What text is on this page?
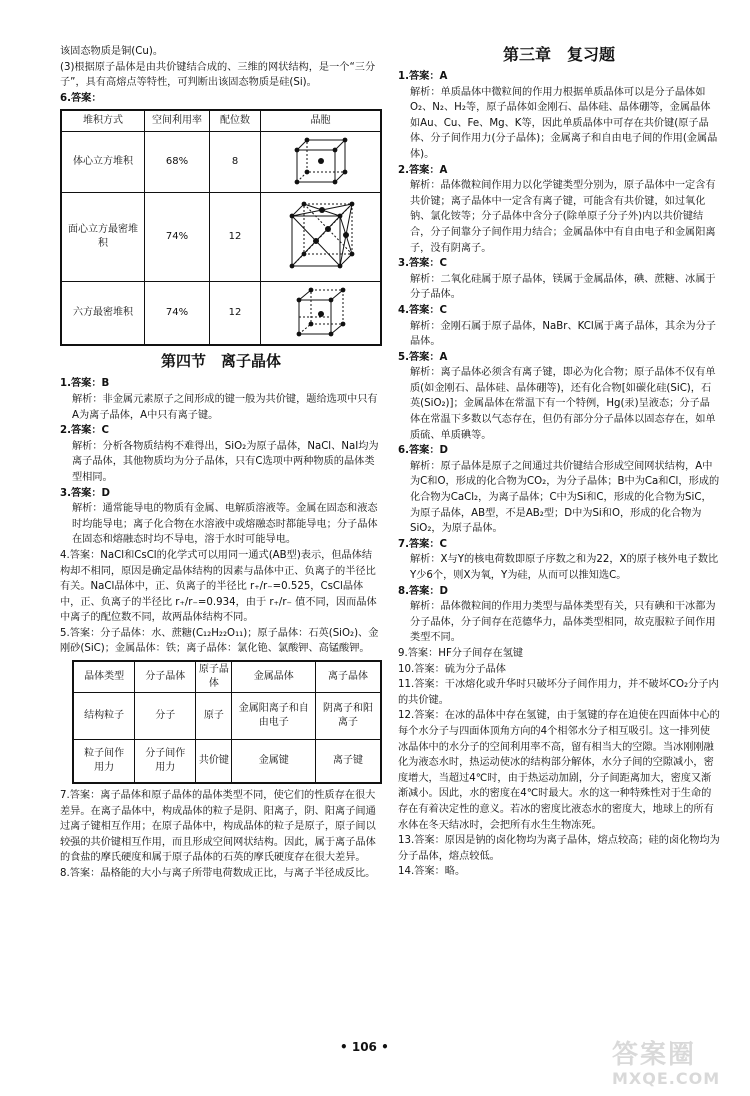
该固态物质是铜(Cu)。

(3)根据原子晶体是由共价键结合成的、三维的网状结构，是一个“三分子”，具有高熔点等特性，可判断出该固态物质是硅(Si)。

6.答案：

堆积方式	空间利用率	配位数	晶胞
体心立方堆积	68%	8	
面心立方最密堆积	74%	12	
六方最密堆积	74%	12	
第四节　离子晶体

1.答案：B

解析：非金属元素原子之间形成的键一般为共价键，题给选项中只有A为离子晶体，A中只有离子键。

2.答案：C

解析：分析各物质结构不难得出，SiO₂为原子晶体，NaCl、NaI均为离子晶体，其他物质均为分子晶体，只有C选项中两种物质的晶体类型相同。

3.答案：D

解析：通常能导电的物质有金属、电解质溶液等。金属在固态和液态时均能导电；离子化合物在水溶液中或熔融态时都能导电；分子晶体在固态和熔融态时均不导电，溶于水时可能导电。

4.答案：NaCl和CsCl的化学式可以用同一通式(AB型)表示，但晶体结构却不相同，原因是确定晶体结构的因素与晶体中正、负离子的半径比有关。NaCl晶体中，正、负离子的半径比 r₊/r₋=0.525，CsCl晶体中，正、负离子的半径比 r₊/r₋=0.934，由于 r₊/r₋ 值不同，因而晶体中离子的配位数不同，故两晶体结构不同。

5.答案：分子晶体：水、蔗糖(C₁₂H₂₂O₁₁)；原子晶体：石英(SiO₂)、金刚砂(SiC)；金属晶体：铁；离子晶体：氯化铯、氯酸钾、高锰酸钾。

晶体类型	分子晶体	原子晶体	金属晶体	离子晶体
结构粒子	分子	原子	金属阳离子和自由电子	阴离子和阳离子
粒子间作用力	分子间作用力	共价键	金属键	离子键

7.答案：离子晶体和原子晶体的晶体类型不同，使它们的性质存在很大差异。在离子晶体中，构成晶体的粒子是阴、阳离子，阴、阳离子间通过离子键相互作用；在原子晶体中，构成晶体的粒子是原子，原子间以较强的共价键相互作用，而且形成空间网状结构。因此，属于离子晶体的食盐的摩氏硬度和属于原子晶体的石英的摩氏硬度存在很大差异。

8.答案：晶格能的大小与离子所带电荷数成正比，与离子半径成反比。

第三章　复习题

1.答案：A

解析：单质晶体中微粒间的作用力根据单质晶体可以是分子晶体如O₂、N₂、H₂等，原子晶体如金刚石、晶体硅、晶体硼等，金属晶体如Au、Cu、Fe、Mg、K等，因此单质晶体中可存在共价键(原子晶体、分子间作用力(分子晶体)；金属离子和自由电子间的作用(金属晶体)。

2.答案：A

解析：晶体微粒间作用力以化学键类型分别为，原子晶体中一定含有共价键；离子晶体中一定含有离子键，可能含有共价键，如过氧化钠、氯化铵等；分子晶体中含分子(除单原子分子外)内以共价键结合，分子间靠分子间作用力结合；金属晶体中有自由电子和金属阳离子，没有阴离子。

3.答案：C

解析：二氧化硅属于原子晶体，镁属于金属晶体，碘、蔗糖、冰属于分子晶体。

4.答案：C

解析：金刚石属于原子晶体，NaBr、KCl属于离子晶体，其余为分子晶体。

5.答案：A

解析：离子晶体必须含有离子键，即必为化合物；原子晶体不仅有单质(如金刚石、晶体硅、晶体硼等)，还有化合物[如碳化硅(SiC)，石英(SiO₂)]；金属晶体在常温下有一个特例，Hg(汞)呈液态；分子晶体在常温下多数以气态存在，但仍有部分分子晶体以固态存在，如单质硫、单质碘等。

6.答案：D

解析：原子晶体是原子之间通过共价键结合形成空间网状结构，A中为C和O，形成的化合物为CO₂，为分子晶体；B中为Ca和Cl，形成的化合物为CaCl₂，为离子晶体；C中为Si和C，形成的化合物为SiC，为原子晶体，AB型，不是AB₂型；D中为Si和O，形成的化合物为SiO₂，为原子晶体。

7.答案：C

解析：X与Y的核电荷数即原子序数之和为22，X的原子核外电子数比Y少6个，则X为氧，Y为硅，从而可以推知选C。

8.答案：D

解析：晶体微粒间的作用力类型与晶体类型有关，只有碘和干冰都为分子晶体，分子间存在范德华力，晶体类型相同，故克服粒子间作用类型不同。

9.答案：HF分子间存在氢键

10.答案：硫为分子晶体

11.答案：干冰熔化或升华时只破坏分子间作用力，并不破坏CO₂分子内的共价键。

12.答案：在冰的晶体中存在氢键，由于氢键的存在迫使在四面体中心的每个水分子与四面体顶角方向的4个相邻水分子相互吸引。这一排列使冰晶体中的水分子的空间利用率不高，留有相当大的空隙。当冰刚刚融化为液态水时，热运动使冰的结构部分解体，水分子间的空隙减小，密度增大，当超过4℃时，由于热运动加剧，分子间距离加大，密度又渐渐减小。因此，水的密度在4℃时最大。水的这一种特殊性对于生命的存在有着决定性的意义。若冰的密度比液态水的密度大，地球上的所有水体在冬天结冰时，会把所有水生生物冻死。

13.答案：原因是钠的卤化物均为离子晶体，熔点较高；硅的卤化物均为分子晶体，熔点较低。

14.答案：略。

• 106 •	答案圈
MXQE.COM
